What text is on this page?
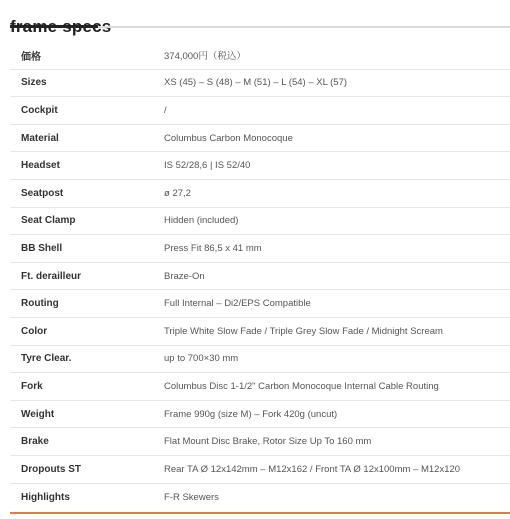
価格	374,000円（税込）
Sizes	XS (45) – S (48) – M (51) – L (54) – XL (57)
Cockpit	/
Material	Columbus Carbon Monocoque
Headset	IS 52/28,6 | IS 52/40
Seatpost	ø 27,2
Seat Clamp	Hidden (included)
BB Shell	Press Fit 86,5 x 41 mm
Ft. derailleur	Braze-On
Routing	Full Internal – Di2/EPS Compatible
Color	Triple White Slow Fade / Triple Grey Slow Fade / Midnight Scream
Tyre Clear.	up to 700×30 mm
Fork	Columbus Disc 1-1/2" Carbon Monocoque Internal Cable Routing
Weight	Frame 990g (size M) – Fork 420g (uncut)
Brake	Flat Mount Disc Brake, Rotor Size Up To 160 mm
Dropouts ST	Rear TA Ø 12x142mm – M12x162 / Front TA Ø 12x100mm – M12x120
Highlights	F-R Skewers
